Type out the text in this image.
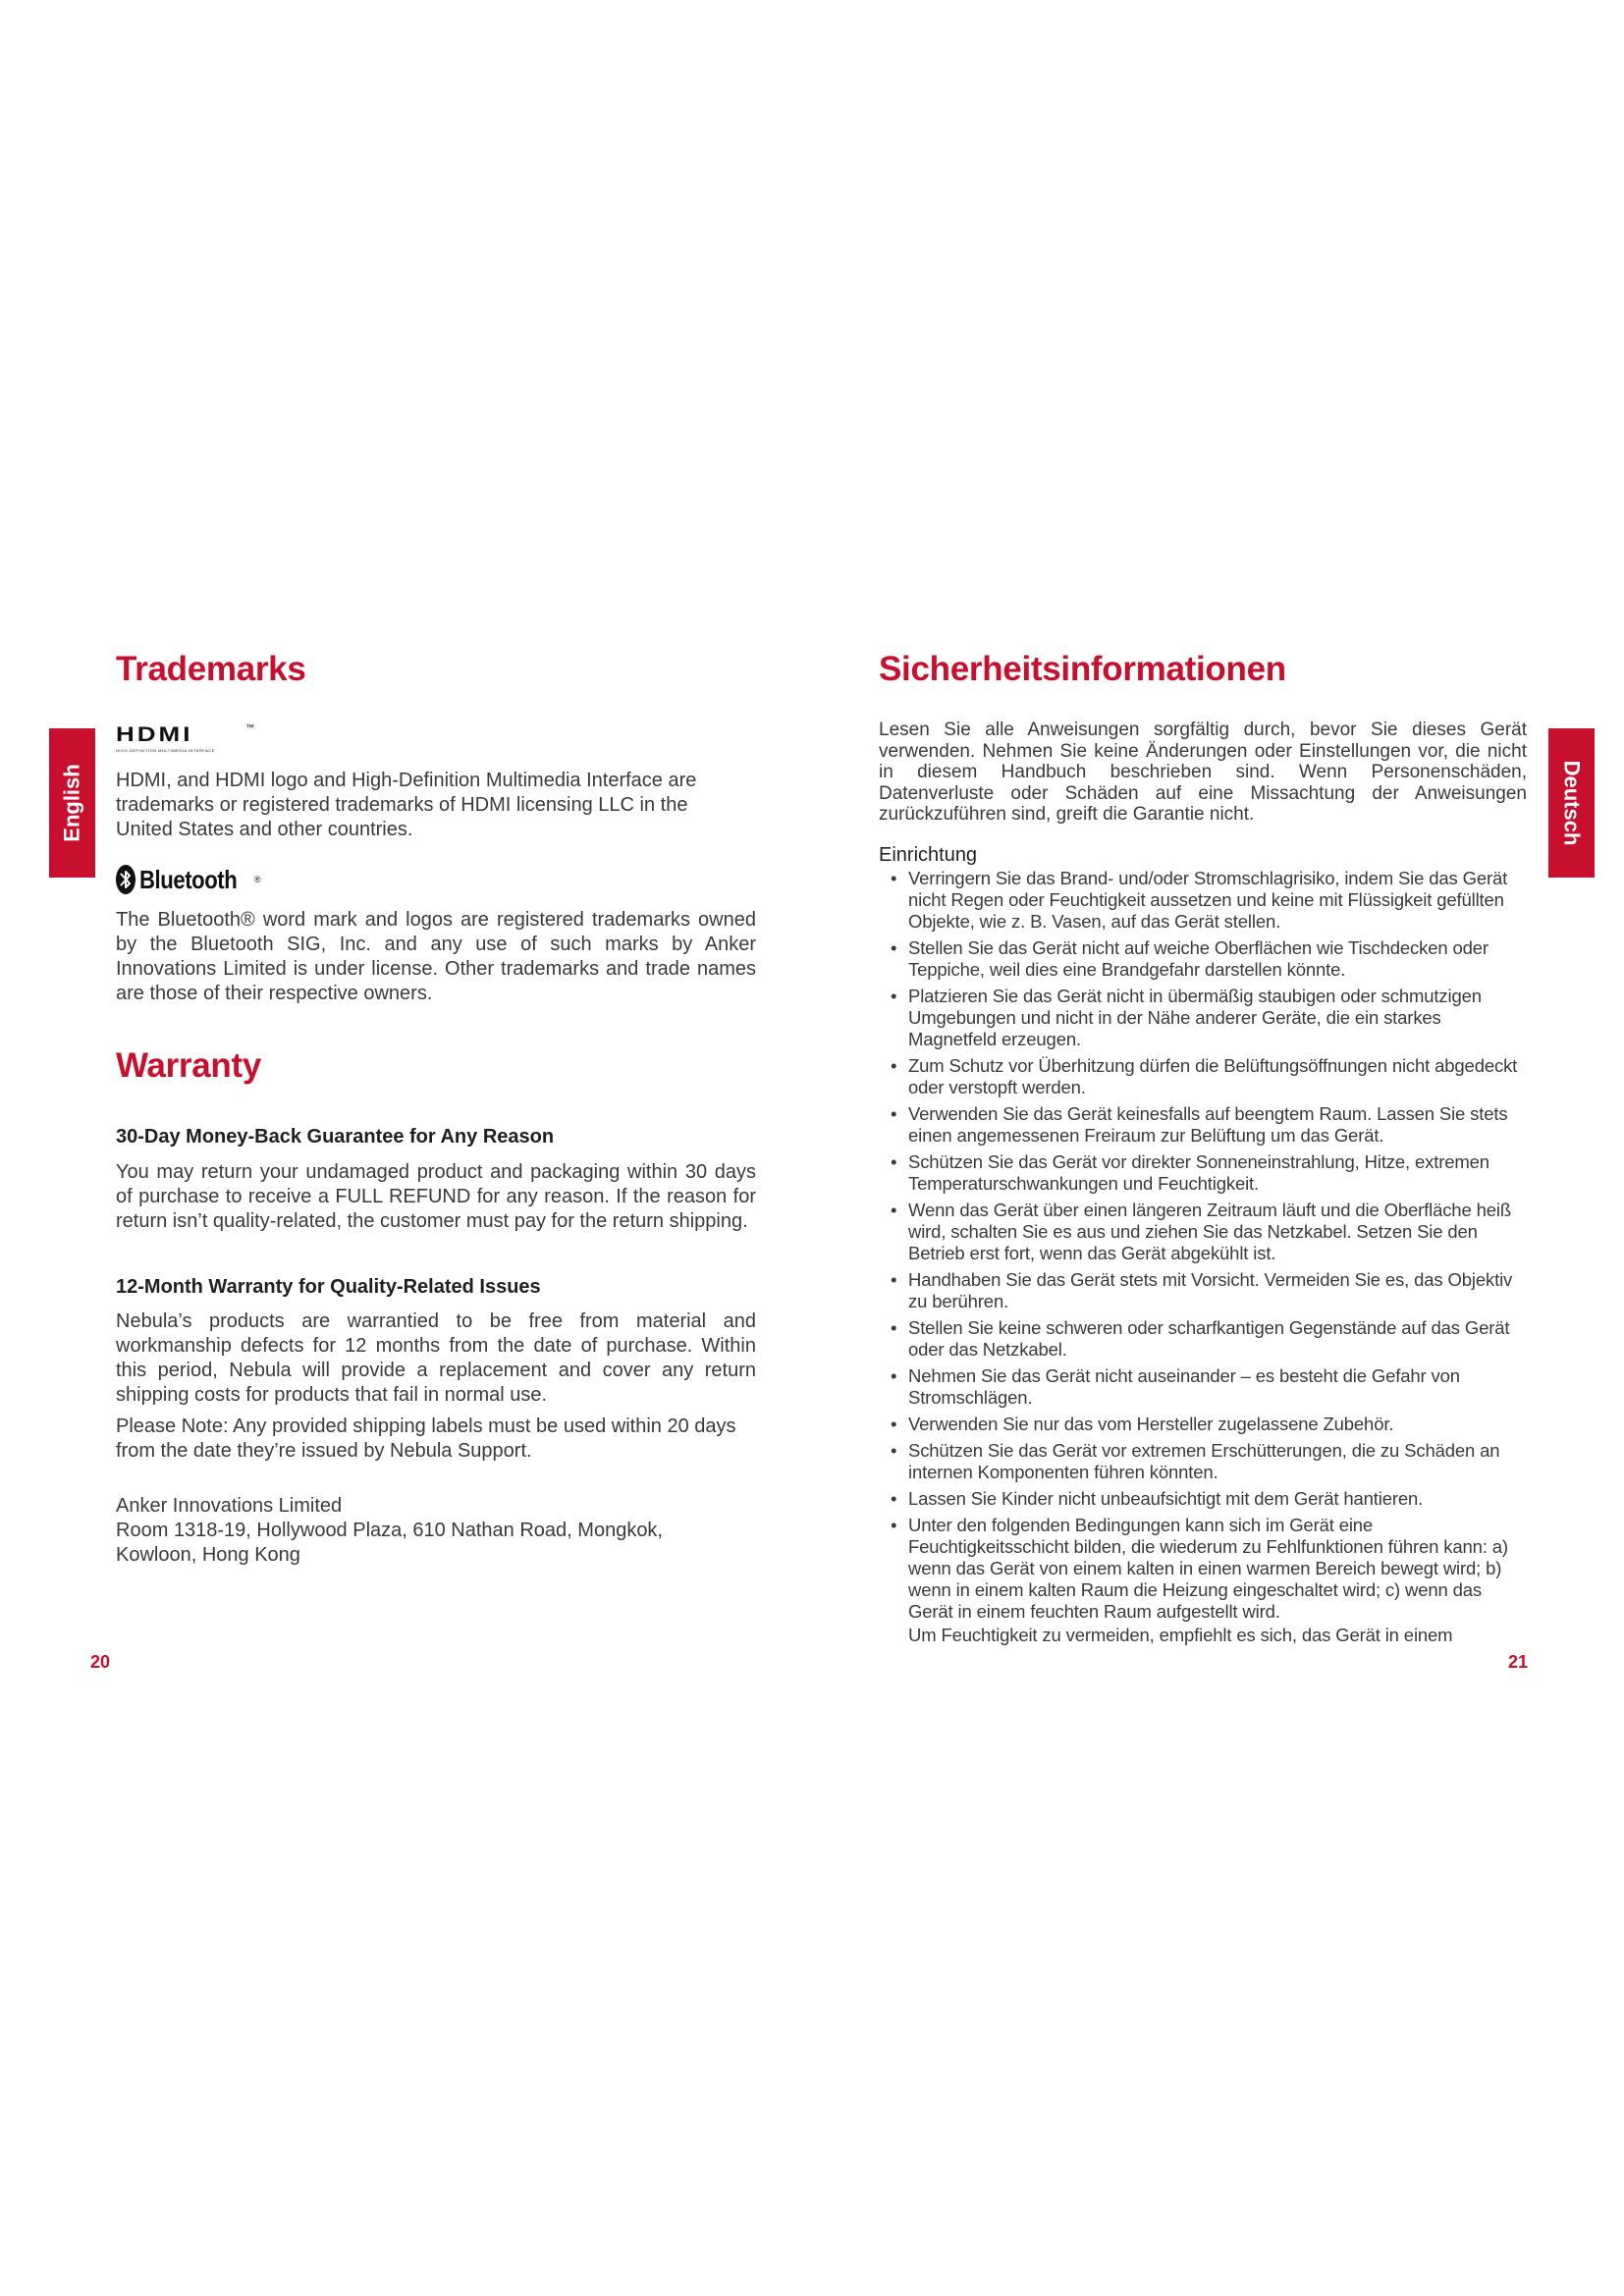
English
Trademarks
HDMI	™
HIGH-DEFINITION MULTIMEDIA INTERFACE

HDMI, and HDMI logo and High-Definition Multimedia Interface are trademarks or registered trademarks of HDMI licensing LLC in the United States and other countries.

Bluetooth ®

The Bluetooth® word mark and logos are registered trademarks owned by the Bluetooth SIG, Inc. and any use of such marks by Anker Innovations Limited is under license. Other trademarks and trade names are those of their respective owners.

Warranty
30-Day Money-Back Guarantee for Any Reason

You may return your undamaged product and packaging within 30 days of purchase to receive a FULL REFUND for any reason. If the reason for return isn’t quality-related, the customer must pay for the return shipping.

12-Month Warranty for Quality-Related Issues

Nebula’s products are warrantied to be free from material and workmanship defects for 12 months from the date of purchase. Within this period, Nebula will provide a replacement and cover any return shipping costs for products that fail in normal use.

Please Note: Any provided shipping labels must be used within 20 days from the date they’re issued by Nebula Support.

Anker Innovations Limited
Room 1318-19, Hollywood Plaza, 610 Nathan Road, Mongkok,
Kowloon, Hong Kong
20
Deutsch
Sicherheitsinformationen

Lesen Sie alle Anweisungen sorgfältig durch, bevor Sie dieses Gerät verwenden. Nehmen Sie keine Änderungen oder Einstellungen vor, die nicht in diesem Handbuch beschrieben sind. Wenn Personenschäden, Datenverluste oder Schäden auf eine Missachtung der Anweisungen zurückzuführen sind, greift die Garantie nicht.

Einrichtung
• Verringern Sie das Brand- und/oder Stromschlagrisiko, indem Sie das Gerät nicht Regen oder Feuchtigkeit aussetzen und keine mit Flüssigkeit gefüllten Objekte, wie z. B. Vasen, auf das Gerät stellen.
• Stellen Sie das Gerät nicht auf weiche Oberflächen wie Tischdecken oder Teppiche, weil dies eine Brandgefahr darstellen könnte.
• Platzieren Sie das Gerät nicht in übermäßig staubigen oder schmutzigen Umgebungen und nicht in der Nähe anderer Geräte, die ein starkes Magnetfeld erzeugen.
• Zum Schutz vor Überhitzung dürfen die Belüftungsöffnungen nicht abgedeckt oder verstopft werden.
• Verwenden Sie das Gerät keinesfalls auf beengtem Raum. Lassen Sie stets einen angemessenen Freiraum zur Belüftung um das Gerät.
• Schützen Sie das Gerät vor direkter Sonneneinstrahlung, Hitze, extremen Temperaturschwankungen und Feuchtigkeit.
• Wenn das Gerät über einen längeren Zeitraum läuft und die Oberfläche heiß wird, schalten Sie es aus und ziehen Sie das Netzkabel. Setzen Sie den Betrieb erst fort, wenn das Gerät abgekühlt ist.
• Handhaben Sie das Gerät stets mit Vorsicht. Vermeiden Sie es, das Objektiv zu berühren.
• Stellen Sie keine schweren oder scharfkantigen Gegenstände auf das Gerät oder das Netzkabel.
• Nehmen Sie das Gerät nicht auseinander – es besteht die Gefahr von Stromschlägen.
• Verwenden Sie nur das vom Hersteller zugelassene Zubehör.
• Schützen Sie das Gerät vor extremen Erschütterungen, die zu Schäden an internen Komponenten führen könnten.
• Lassen Sie Kinder nicht unbeaufsichtigt mit dem Gerät hantieren.
• Unter den folgenden Bedingungen kann sich im Gerät eine Feuchtigkeitsschicht bilden, die wiederum zu Fehlfunktionen führen kann: a) wenn das Gerät von einem kalten in einen warmen Bereich bewegt wird; b) wenn in einem kalten Raum die Heizung eingeschaltet wird; c) wenn das Gerät in einem feuchten Raum aufgestellt wird.
Um Feuchtigkeit zu vermeiden, empfiehlt es sich, das Gerät in einem
21
